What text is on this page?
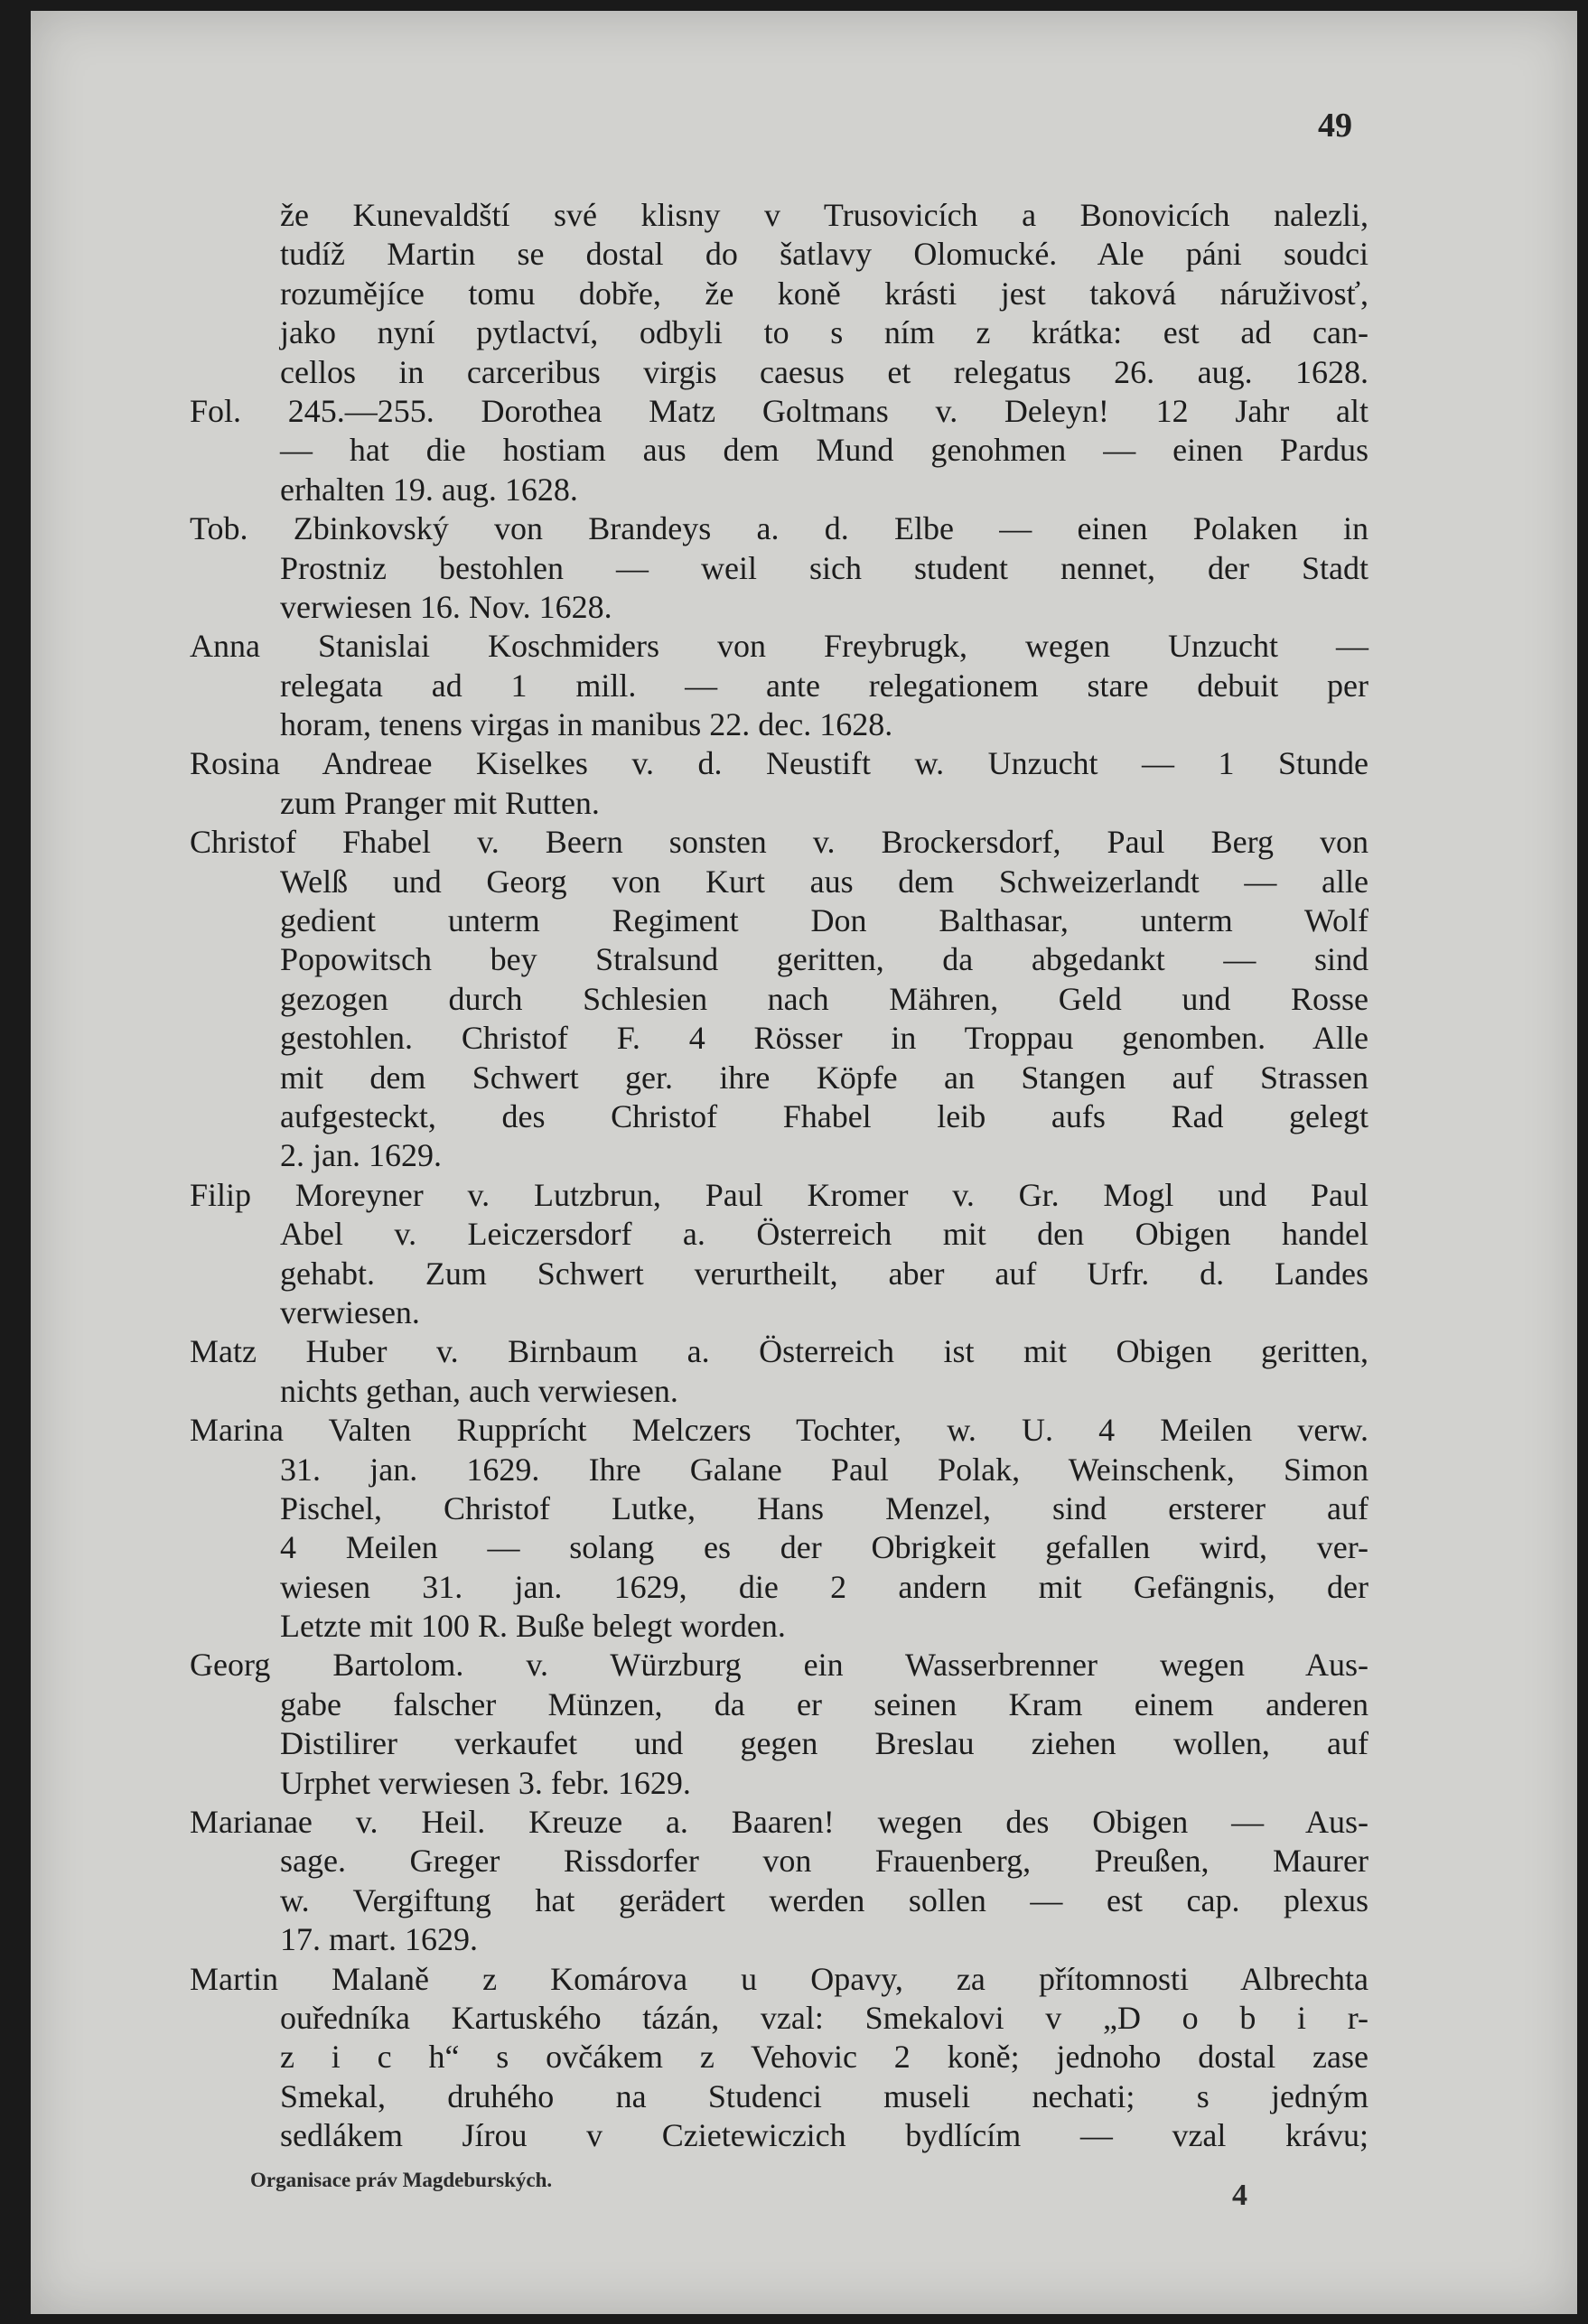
49
že Kunevaldští své klisny v Trusovicích a Bonovicích nalezli,
tudíž Martin se dostal do šatlavy Olomucké. Ale páni soudci
rozumějíce tomu dobře, že koně krásti jest taková náruživosť,
jako nyní pytlactví, odbyli to s ním z krátka: est ad can-
cellos in carceribus virgis caesus et relegatus 26. aug. 1628.
Fol. 245.—255. Dorothea Matz Goltmans v. Deleyn! 12 Jahr alt
— hat die hostiam aus dem Mund genohmen — einen Pardus
erhalten 19. aug. 1628.
Tob. Zbinkovský von Brandeys a. d. Elbe — einen Polaken in
Prostniz bestohlen — weil sich student nennet, der Stadt
verwiesen 16. Nov. 1628.
Anna Stanislai Koschmiders von Freybrugk, wegen Unzucht —
relegata ad 1 mill. — ante relegationem stare debuit per
horam, tenens virgas in manibus 22. dec. 1628.
Rosina Andreae Kiselkes v. d. Neustift w. Unzucht — 1 Stunde
zum Pranger mit Rutten.
Christof Fhabel v. Beern sonsten v. Brockersdorf, Paul Berg von
Welß und Georg von Kurt aus dem Schweizerlandt — alle
gedient unterm Regiment Don Balthasar, unterm Wolf
Popowitsch bey Stralsund geritten, da abgedankt — sind
gezogen durch Schlesien nach Mähren, Geld und Rosse
gestohlen. Christof F. 4 Rösser in Troppau genomben. Alle
mit dem Schwert ger. ihre Köpfe an Stangen auf Strassen
aufgesteckt, des Christof Fhabel leib aufs Rad gelegt
2. jan. 1629.
Filip Moreyner v. Lutzbrun, Paul Kromer v. Gr. Mogl und Paul
Abel v. Leiczersdorf a. Österreich mit den Obigen handel
gehabt. Zum Schwert verurtheilt, aber auf Urfr. d. Landes
verwiesen.
Matz Huber v. Birnbaum a. Österreich ist mit Obigen geritten,
nichts gethan, auch verwiesen.
Marina Valten Rupprícht Melczers Tochter, w. U. 4 Meilen verw.
31. jan. 1629. Ihre Galane Paul Polak, Weinschenk, Simon
Pischel, Christof Lutke, Hans Menzel, sind ersterer auf
4 Meilen — solang es der Obrigkeit gefallen wird, ver-
wiesen 31. jan. 1629, die 2 andern mit Gefängnis, der
Letzte mit 100 R. Buße belegt worden.
Georg Bartolom. v. Würzburg ein Wasserbrenner wegen Aus-
gabe falscher Münzen, da er seinen Kram einem anderen
Distilirer verkaufet und gegen Breslau ziehen wollen, auf
Urphet verwiesen 3. febr. 1629.
Marianae v. Heil. Kreuze a. Baaren! wegen des Obigen — Aus-
sage. Greger Rissdorfer von Frauenberg, Preußen, Maurer
w. Vergiftung hat gerädert werden sollen — est cap. plexus
17. mart. 1629.
Martin Malaně z Komárova u Opavy, za přítomnosti Albrechta
ouředníka Kartuského tázán, vzal: Smekalovi v „D o b i r-
z i c h“ s ovčákem z Vehovic 2 koně; jednoho dostal zase
Smekal, druhého na Studenci museli nechati; s jedným
sedlákem Jírou v Czietewiczich bydlícím — vzal krávu;
Organisace práv Magdeburských.	4
